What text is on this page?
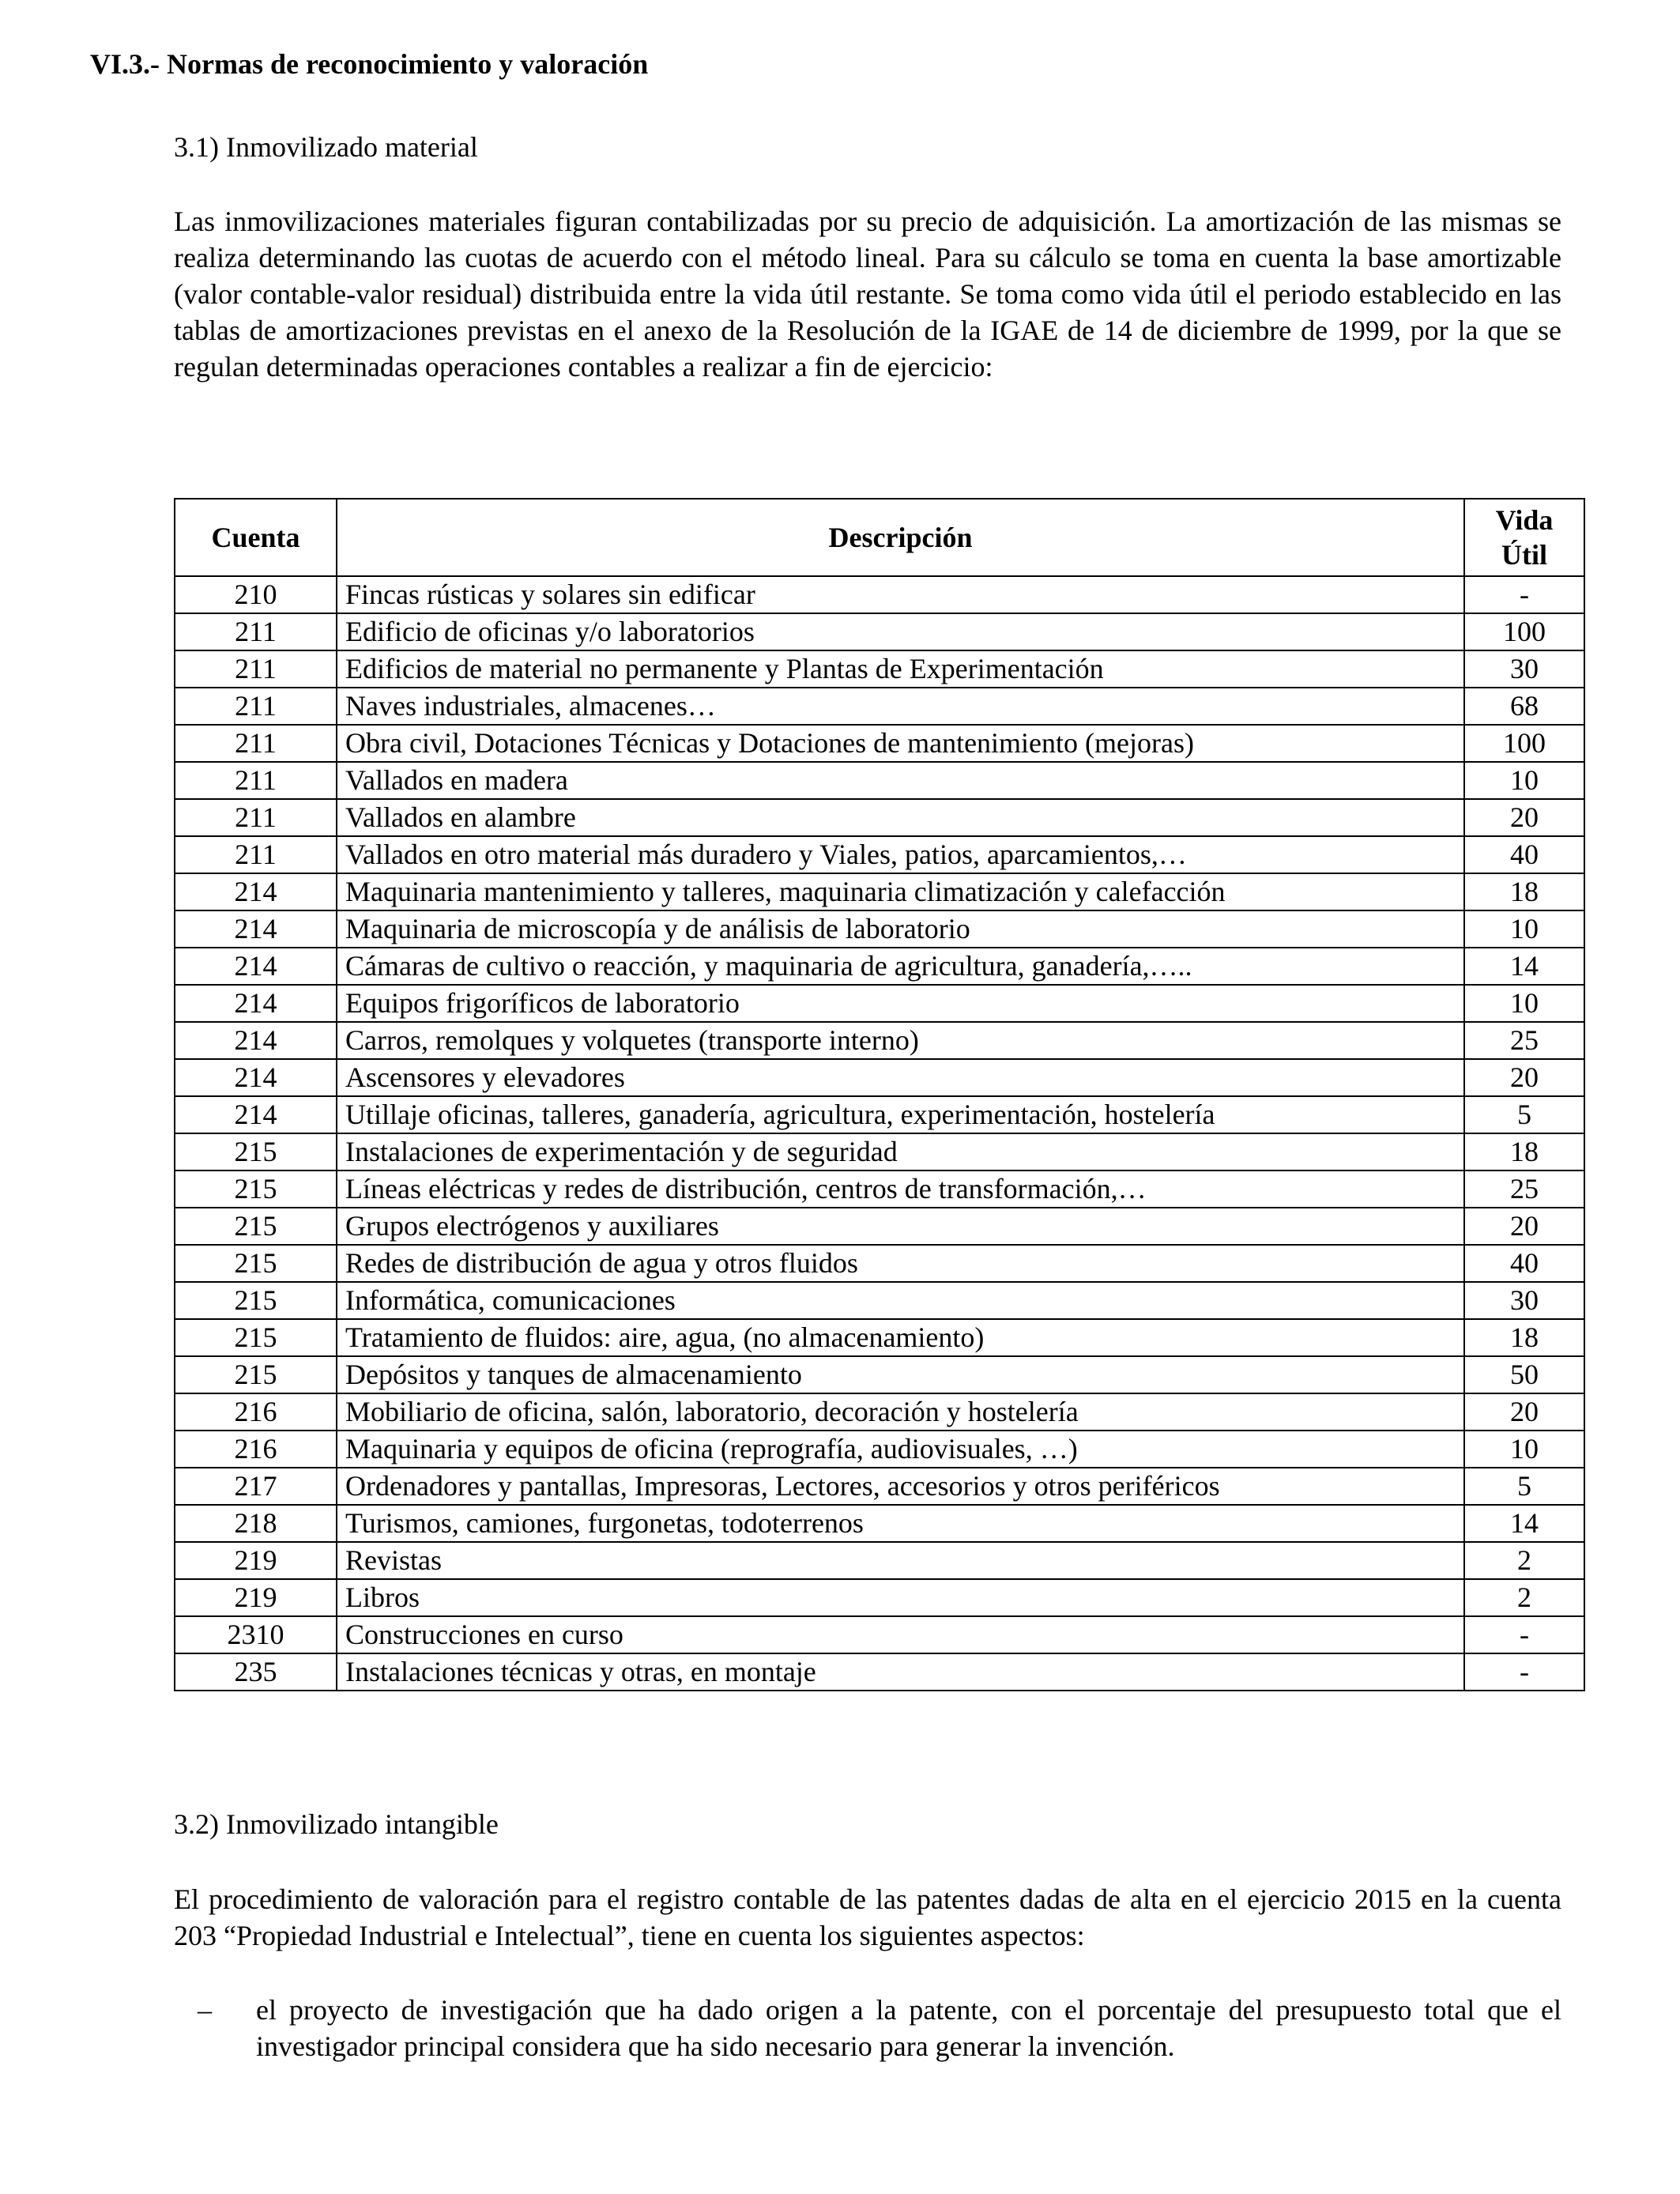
VI.3.- Normas de reconocimiento y valoración

3.1) Inmovilizado material

Las inmovilizaciones materiales figuran contabilizadas por su precio de adquisición. La amortización de las mismas se realiza determinando las cuotas de acuerdo con el método lineal. Para su cálculo se toma en cuenta la base amortizable (valor contable-valor residual) distribuida entre la vida útil restante. Se toma como vida útil el periodo establecido en las tablas de amortizaciones previstas en el anexo de la Resolución de la IGAE de 14 de diciembre de 1999, por la que se regulan determinadas operaciones contables a realizar a fin de ejercicio:

Cuenta	Descripción	Vida
Útil
210	Fincas rústicas y solares sin edificar	-
211	Edificio de oficinas y/o laboratorios	100
211	Edificios de material no permanente y Plantas de Experimentación	30
211	Naves industriales, almacenes…	68
211	Obra civil, Dotaciones Técnicas y Dotaciones de mantenimiento (mejoras)	100
211	Vallados en madera	10
211	Vallados en alambre	20
211	Vallados en otro material más duradero y Viales, patios, aparcamientos,…	40
214	Maquinaria mantenimiento y talleres, maquinaria climatización y calefacción	18
214	Maquinaria de microscopía y de análisis de laboratorio	10
214	Cámaras de cultivo o reacción, y maquinaria de agricultura, ganadería,…..	14
214	Equipos frigoríficos de laboratorio	10
214	Carros, remolques y volquetes (transporte interno)	25
214	Ascensores y elevadores	20
214	Utillaje oficinas, talleres, ganadería, agricultura, experimentación, hostelería	5
215	Instalaciones de experimentación y de seguridad	18
215	Líneas eléctricas y redes de distribución, centros de transformación,…	25
215	Grupos electrógenos y auxiliares	20
215	Redes de distribución de agua y otros fluidos	40
215	Informática, comunicaciones	30
215	Tratamiento de fluidos: aire, agua, (no almacenamiento)	18
215	Depósitos y tanques de almacenamiento	50
216	Mobiliario de oficina, salón, laboratorio, decoración y hostelería	20
216	Maquinaria y equipos de oficina (reprografía, audiovisuales, …)	10
217	Ordenadores y pantallas, Impresoras, Lectores, accesorios y otros periféricos	5
218	Turismos, camiones, furgonetas, todoterrenos	14
219	Revistas	2
219	Libros	2
2310	Construcciones en curso	-
235	Instalaciones técnicas y otras, en montaje	-

3.2) Inmovilizado intangible

El procedimiento de valoración para el registro contable de las patentes dadas de alta en el ejercicio 2015 en la cuenta 203 “Propiedad Industrial e Intelectual”, tiene en cuenta los siguientes aspectos:

– el proyecto de investigación que ha dado origen a la patente, con el porcentaje del presupuesto total que el investigador principal considera que ha sido necesario para generar la invención.
